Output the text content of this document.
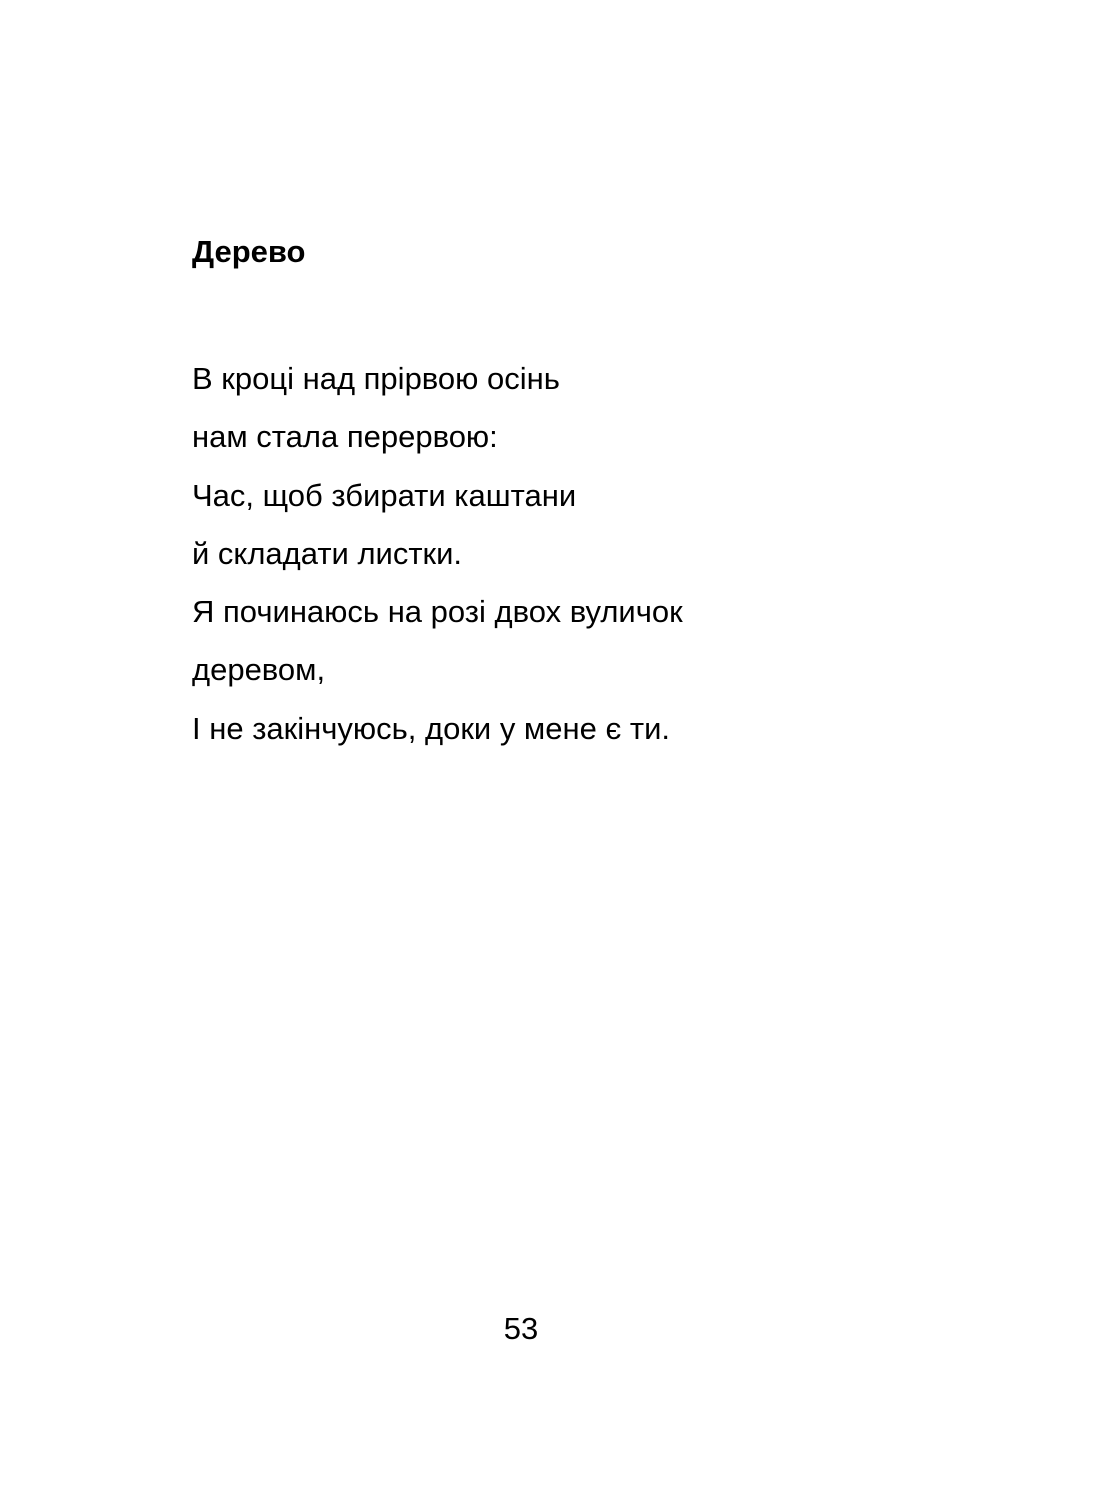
Дерево
В кроці над прірвою осінь
нам стала перервою:
Час, щоб збирати каштани
й складати листки.
Я починаюсь на розі двох вуличок
деревом,
І не закінчуюсь, доки у мене є ти.
53
